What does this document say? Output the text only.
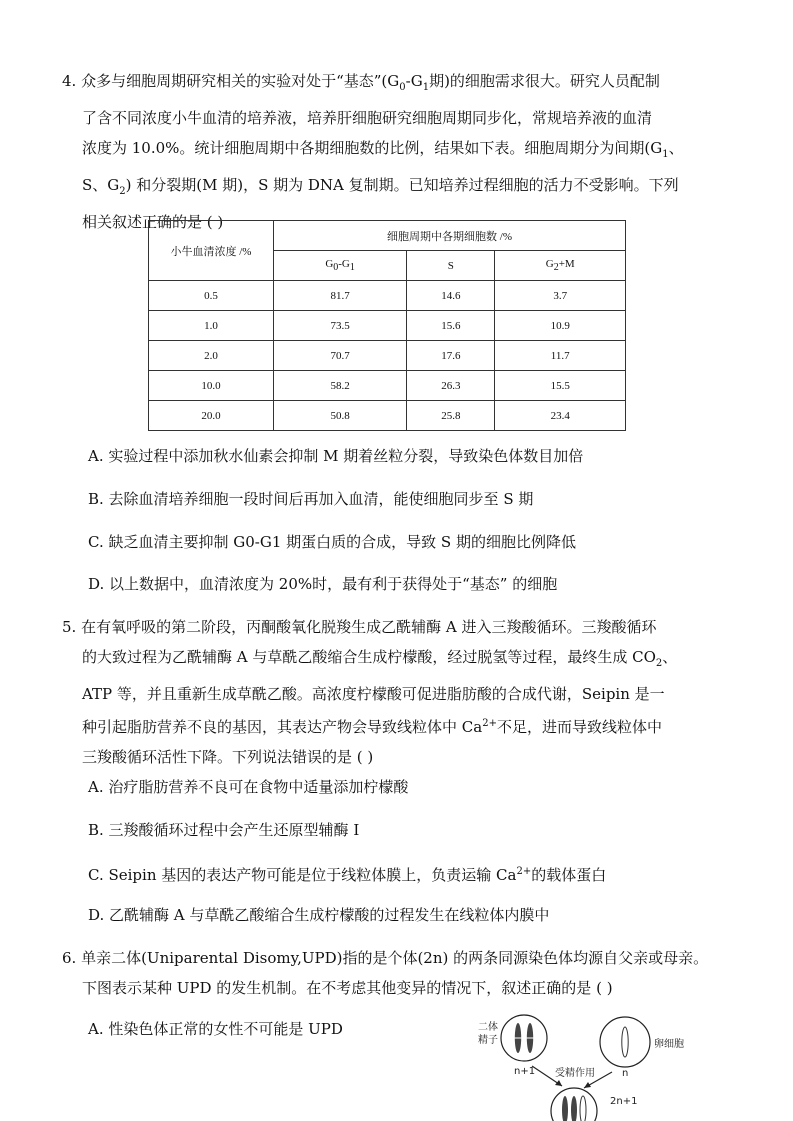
4. 众多与细胞周期研究相关的实验对处于“基态$”(G_0-G_1$期)的细胞需求很大。研究人员配制
了含不同浓度小牛血清的培养液，培养肝细胞研究细胞周期同步化，常规培养液的血清
浓度为 10.0%。统计细胞周期中各期细胞数的比例，结果如下表。细胞周期分为间期($G_1$、
S、$G_2$) 和分裂期(M 期)，S 期为 DNA 复制期。已知培养过程细胞的活力不受影响。下列
相关叙述正确的是 ( )
小牛血清浓度 /%	细胞周期中各期细胞数 /%		
	$G_0-G_1$	S	$G_2+M$
0.5	81.7	14.6	3.7
1.0	73.5	15.6	10.9
2.0	70.7	17.6	11.7
10.0	58.2	26.3	15.5
20.0	50.8	25.8	23.4
A. 实验过程中添加秋水仙素会抑制 M 期着丝粒分裂，导致染色体数目加倍
B. 去除血清培养细胞一段时间后再加入血清，能使细胞同步至 S 期
C. 缺乏血清主要抑制 G0-G1 期蛋白质的合成，导致 S 期的细胞比例降低
D. 以上数据中，血清浓度为 20%时，最有利于获得处于“基态” 的细胞
5. 在有氧呼吸的第二阶段，丙酮酸氧化脱羧生成乙酰辅酶 A 进入三羧酸循环。三羧酸循环
的大致过程为乙酰辅酶 A 与草酰乙酸缩合生成柠檬酸，经过脱氢等过程，最终生成 $CO_2$、
ATP 等，并且重新生成草酰乙酸。高浓度柠檬酸可促进脂肪酸的合成代谢，Seipin 是一
种引起脂肪营养不良的基因，其表达产物会导致线粒体中 $Ca^{2+}$不足，进而导致线粒体中
三羧酸循环活性下降。下列说法错误的是 ( )
A. 治疗脂肪营养不良可在食物中适量添加柠檬酸
B. 三羧酸循环过程中会产生还原型辅酶 I
C. Seipin 基因的表达产物可能是位于线粒体膜上，负责运输 $Ca^{2+}$的载体蛋白
D. 乙酰辅酶 A 与草酰乙酸缩合生成柠檬酸的过程发生在线粒体内膜中
6. 单亲二体(Uniparental Disomy,UPD)指的是个体(2n) 的两条同源染色体均源自父亲或母亲。
下图表示某种 UPD 的发生机制。在不考虑其他变异的情况下，叙述正确的是 ( )
A. 性染色体正常的女性不可能是 UPD	二体
精子
n+1
卵细胞
n
受精作用
2n+1
